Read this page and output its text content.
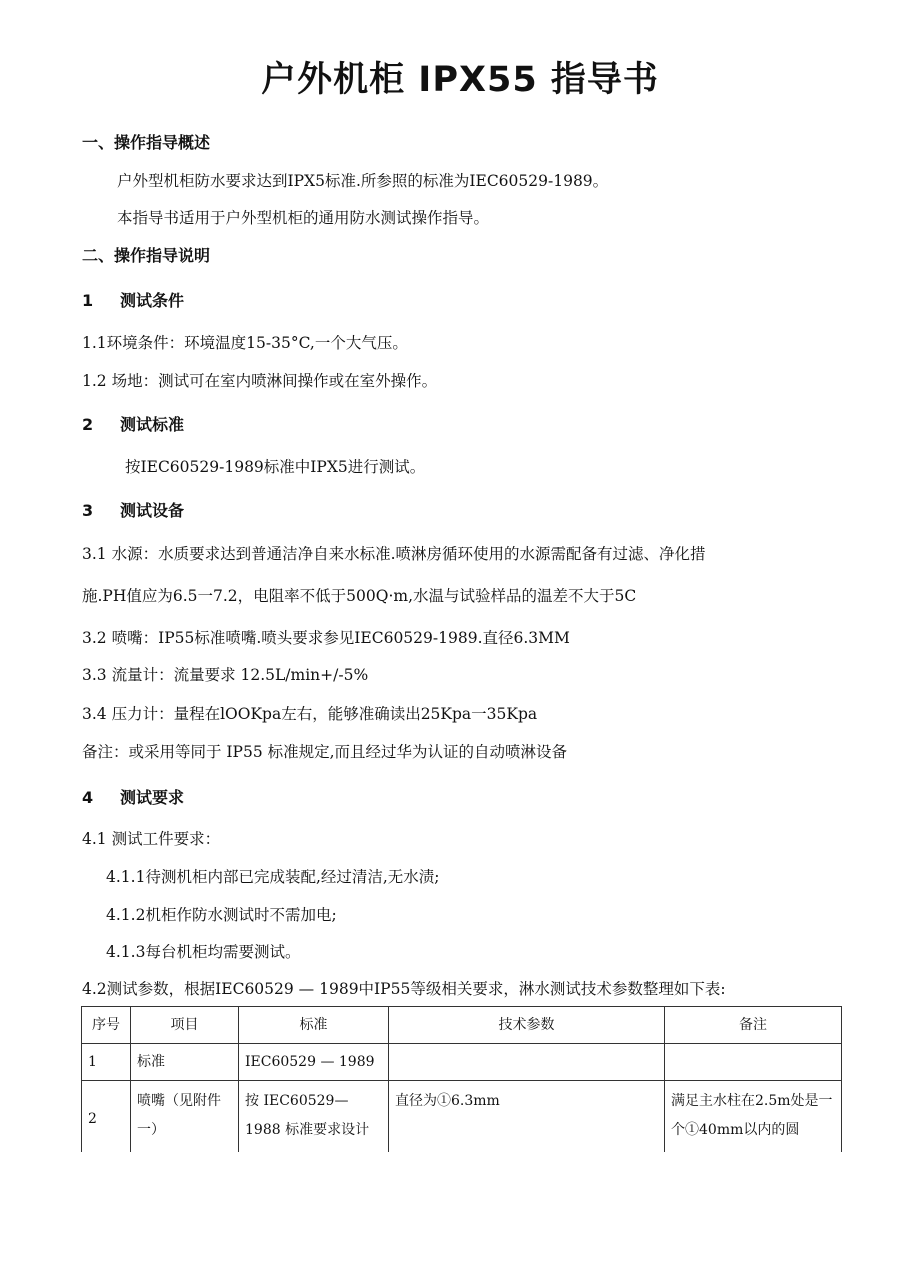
户外机柜 IPX55 指导书
一、操作指导概述
户外型机柜防水要求达到IPX5标准.所参照的标准为IEC60529-1989。
本指导书适用于户外型机柜的通用防水测试操作指导。
二、操作指导说明
1 测试条件
1.1环境条件：环境温度15-35°C,一个大气压。
1.2 场地：测试可在室内喷淋间操作或在室外操作。
2 测试标准
按IEC60529-1989标准中IPX5进行测试。
3 测试设备
3.1 水源：水质要求达到普通洁净自来水标准.喷淋房循环使用的水源需配备有过滤、净化措
施.PH值应为6.5一7.2，电阻率不低于500Q·m,水温与试验样品的温差不大于5C
3.2 喷嘴：IP55标准喷嘴.喷头要求参见IEC60529-1989.直径6.3MM
3.3 流量计：流量要求 12.5L/min+/-5%
3.4 压力计：量程在lOOKpa左右，能够准确读出25Kpa一35Kpa
备注：或采用等同于 IP55 标准规定,而且经过华为认证的自动喷淋设备
4 测试要求
4.1 测试工件要求：
4.1.1待测机柜内部已完成装配,经过清洁,无水渍;
4.1.2机柜作防水测试时不需加电;
4.1.3每台机柜均需要测试。
4.2测试参数，根据IEC60529 — 1989中IP55等级相关要求，淋水测试技术参数整理如下表:
序号	项目	标准	技术参数	备注
1	标准	IEC60529 — 1989		
2	喷嘴（见附件一）	按 IEC60529—1988 标准要求设计	直径为①6.3mm	满足主水柱在2.5m处是一个①40mm以内的圆
